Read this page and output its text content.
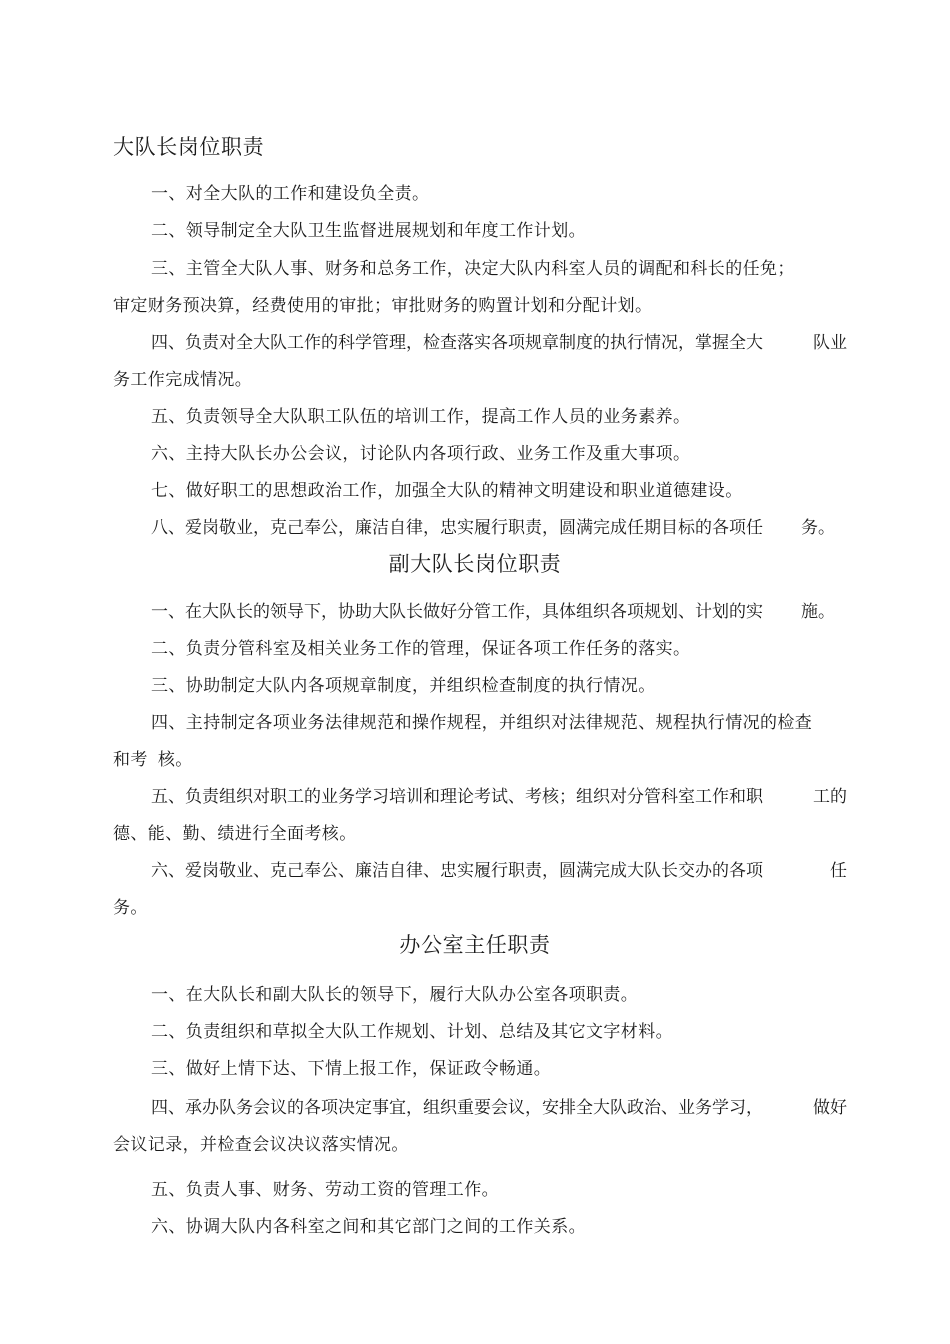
大队长岗位职责
一、对全大队的工作和建设负全责。
二、领导制定全大队卫生监督进展规划和年度工作计划。
三、主管全大队人事、财务和总务工作，决定大队内科室人员的调配和科长的任免；
审定财务预决算，经费使用的审批；审批财务的购置计划和分配计划。
四、负责对全大队工作的科学管理，检查落实各项规章制度的执行情况，掌握全大	队业
务工作完成情况。
五、负责领导全大队职工队伍的培训工作，提高工作人员的业务素养。
六、主持大队长办公会议，讨论队内各项行政、业务工作及重大事项。
七、做好职工的思想政治工作，加强全大队的精神文明建设和职业道德建设。
八、爱岗敬业，克己奉公，廉洁自律，忠实履行职责，圆满完成任期目标的各项任 务。
副大队长岗位职责
一、在大队长的领导下，协助大队长做好分管工作，具体组织各项规划、计划的实 施。
二、负责分管科室及相关业务工作的管理，保证各项工作任务的落实。
三、协助制定大队内各项规章制度，并组织检查制度的执行情况。
四、主持制定各项业务法律规范和操作规程，并组织对法律规范、规程执行情况的检查
和考 核。
五、负责组织对职工的业务学习培训和理论考试、考核；组织对分管科室工作和职	工的
德、能、勤、绩进行全面考核。
六、爱岗敬业、克己奉公、廉洁自律、忠实履行职责，圆满完成大队长交办的各项	任
务。
办公室主任职责
一、在大队长和副大队长的领导下，履行大队办公室各项职责。
二、负责组织和草拟全大队工作规划、计划、总结及其它文字材料。
三、做好上情下达、下情上报工作，保证政令畅通。
四、承办队务会议的各项决定事宜，组织重要会议，安排全大队政治、业务学习，	做好
会议记录，并检查会议决议落实情况。
五、负责人事、财务、劳动工资的管理工作。
六、协调大队内各科室之间和其它部门之间的工作关系。
